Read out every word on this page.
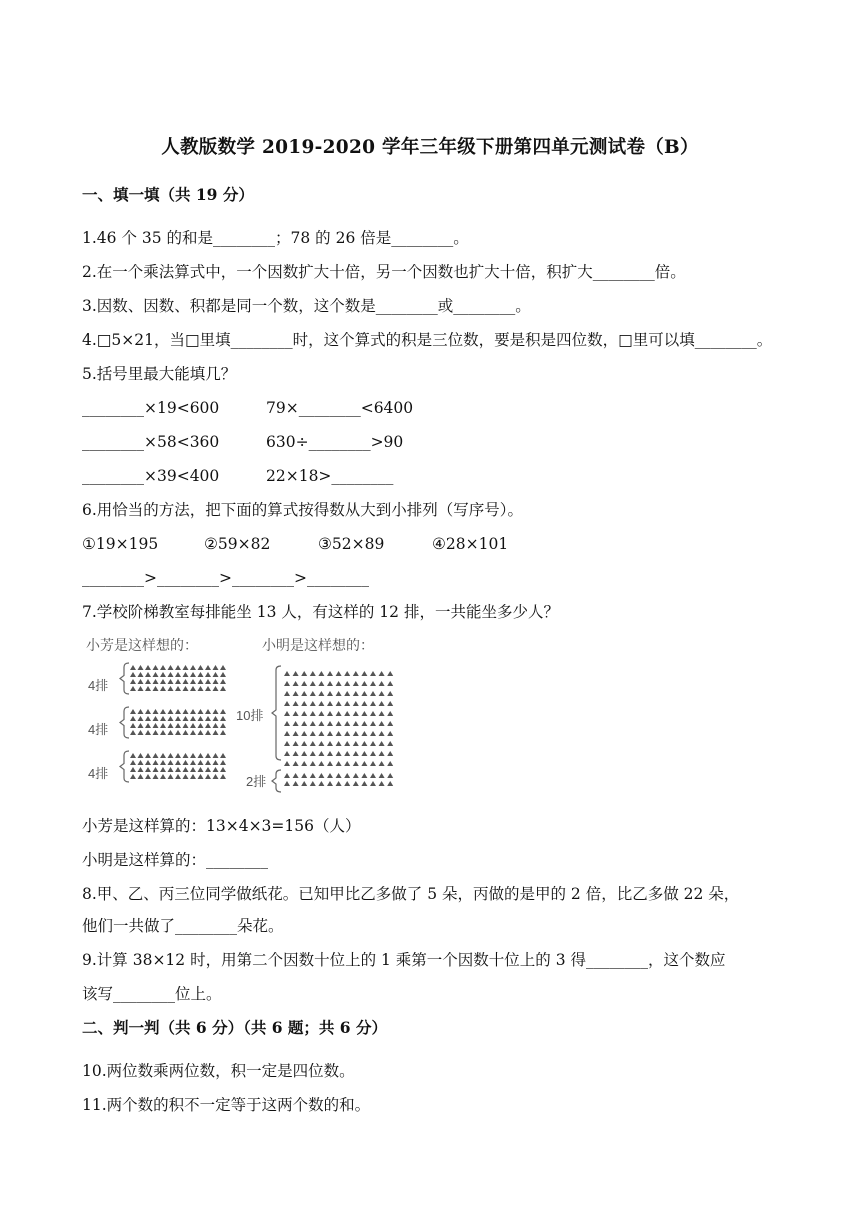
人教版数学 2019-2020 学年三年级下册第四单元测试卷（B）
一、填一填（共 19 分）
1.46 个 35 的和是________；78 的 26 倍是________。
2.在一个乘法算式中，一个因数扩大十倍，另一个因数也扩大十倍，积扩大________倍。
3.因数、因数、积都是同一个数，这个数是________或________。
4.□5×21，当□里填________时，这个算式的积是三位数，要是积是四位数，□里可以填________。
5.括号里最大能填几？
________×19<600	79×________<6400
________×58<360	630÷________>90
________×39<400	22×18>________
6.用恰当的方法，把下面的算式按得数从大到小排列（写序号）。
①19×195	②59×82	③52×89	④28×101
________>________>________>________
7.学校阶梯教室每排能坐 13 人，有这样的 12 排，一共能坐多少人？
小芳是这样想的：	小明是这样想的：
4排
4排
4排
10排
2排
小芳是这样算的：13×4×3=156（人）
小明是这样算的：________
8.甲、乙、丙三位同学做纸花。已知甲比乙多做了 5 朵，丙做的是甲的 2 倍，比乙多做 22 朵，
他们一共做了________朵花。
9.计算 38×12 时，用第二个因数十位上的 1 乘第一个因数十位上的 3 得________，这个数应
该写________位上。
二、判一判（共 6 分）（共 6 题；共 6 分）
10.两位数乘两位数，积一定是四位数。
11.两个数的积不一定等于这两个数的和。
